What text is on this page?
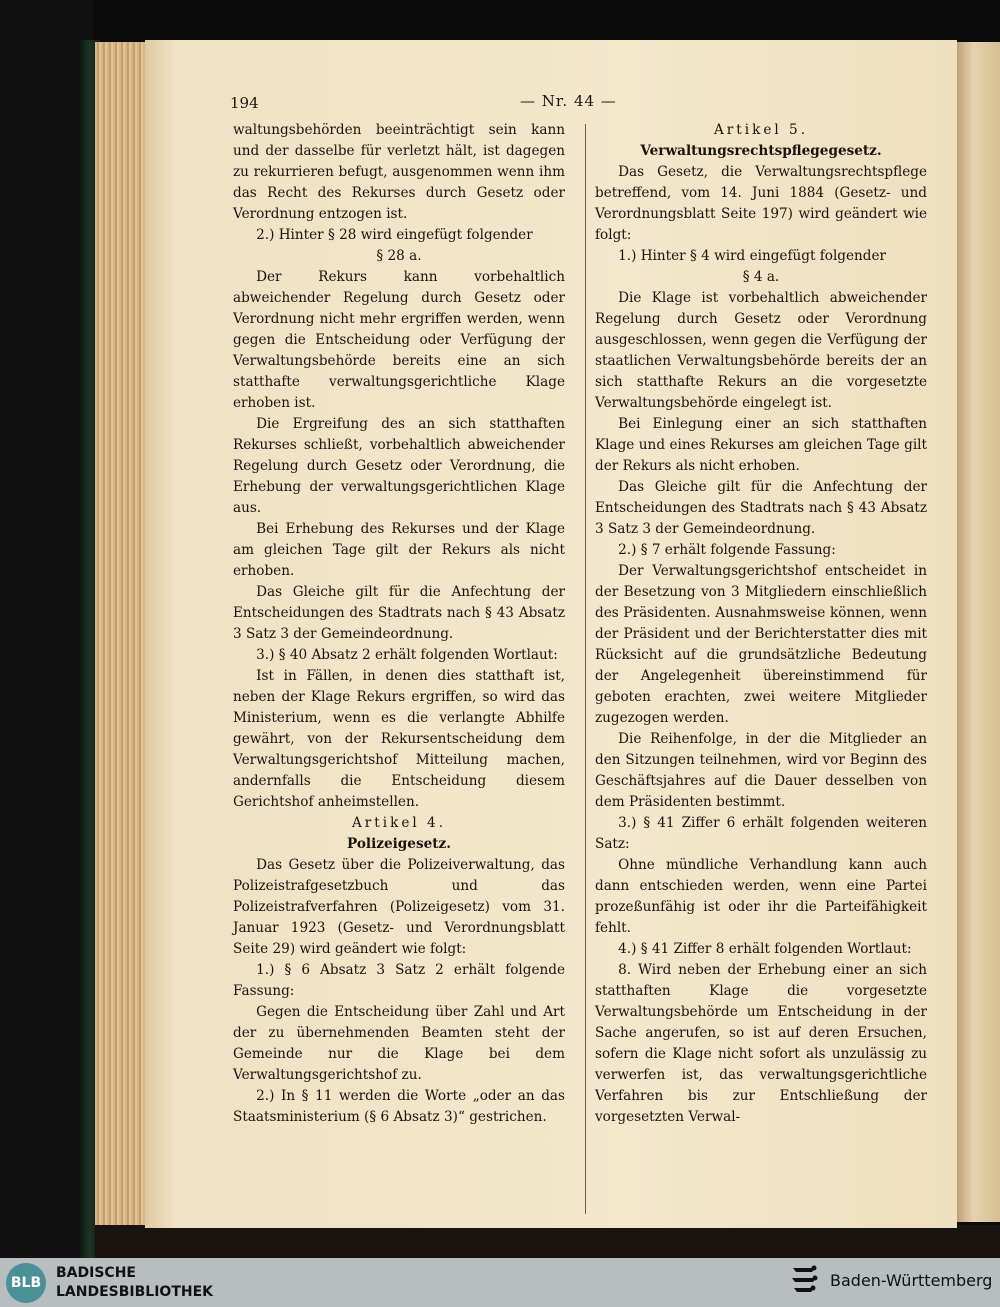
194	— Nr. 44 —

waltungsbehörden beeinträchtigt sein kann und der dasselbe für verletzt hält, ist dagegen zu rekurrieren befugt, ausgenommen wenn ihm das Recht des Rekurses durch Gesetz oder Verordnung entzogen ist.

2.) Hinter § 28 wird eingefügt folgender

§ 28 a.

Der Rekurs kann vorbehaltlich abweichender Regelung durch Gesetz oder Verordnung nicht mehr ergriffen werden, wenn gegen die Entscheidung oder Verfügung der Verwaltungsbehörde bereits eine an sich statthafte verwaltungsgerichtliche Klage erhoben ist.

Die Ergreifung des an sich statthaften Rekurses schließt, vorbehaltlich abweichender Regelung durch Gesetz oder Verordnung, die Erhebung der verwaltungsgerichtlichen Klage aus.

Bei Erhebung des Rekurses und der Klage am gleichen Tage gilt der Rekurs als nicht erhoben.

Das Gleiche gilt für die Anfechtung der Entscheidungen des Stadtrats nach § 43 Absatz 3 Satz 3 der Gemeindeordnung.

3.) § 40 Absatz 2 erhält folgenden Wortlaut:

Ist in Fällen, in denen dies statthaft ist, neben der Klage Rekurs ergriffen, so wird das Ministerium, wenn es die verlangte Abhilfe gewährt, von der Rekursentscheidung dem Verwaltungsgerichtshof Mitteilung machen, andernfalls die Entscheidung diesem Gerichtshof anheimstellen.

Artikel 4.

Polizeigesetz.

Das Gesetz über die Polizeiverwaltung, das Polizeistrafgesetzbuch und das Polizeistrafverfahren (Polizeigesetz) vom 31. Januar 1923 (Gesetz- und Verordnungsblatt Seite 29) wird geändert wie folgt:

1.) § 6 Absatz 3 Satz 2 erhält folgende Fassung:

Gegen die Entscheidung über Zahl und Art der zu übernehmenden Beamten steht der Gemeinde nur die Klage bei dem Verwaltungsgerichtshof zu.

2.) In § 11 werden die Worte „oder an das Staatsministerium (§ 6 Absatz 3)“ gestrichen.

Artikel 5.

Verwaltungsrechtspflegegesetz.

Das Gesetz, die Verwaltungsrechtspflege betreffend, vom 14. Juni 1884 (Gesetz- und Verordnungsblatt Seite 197) wird geändert wie folgt:

1.) Hinter § 4 wird eingefügt folgender

§ 4 a.

Die Klage ist vorbehaltlich abweichender Regelung durch Gesetz oder Verordnung ausgeschlossen, wenn gegen die Verfügung der staatlichen Verwaltungsbehörde bereits der an sich statthafte Rekurs an die vorgesetzte Verwaltungsbehörde eingelegt ist.

Bei Einlegung einer an sich statthaften Klage und eines Rekurses am gleichen Tage gilt der Rekurs als nicht erhoben.

Das Gleiche gilt für die Anfechtung der Entscheidungen des Stadtrats nach § 43 Absatz 3 Satz 3 der Gemeindeordnung.

2.) § 7 erhält folgende Fassung:

Der Verwaltungsgerichtshof entscheidet in der Besetzung von 3 Mitgliedern einschließlich des Präsidenten. Ausnahmsweise können, wenn der Präsident und der Berichterstatter dies mit Rücksicht auf die grundsätzliche Bedeutung der Angelegenheit übereinstimmend für geboten erachten, zwei weitere Mitglieder zugezogen werden.

Die Reihenfolge, in der die Mitglieder an den Sitzungen teilnehmen, wird vor Beginn des Geschäftsjahres auf die Dauer desselben von dem Präsidenten bestimmt.

3.) § 41 Ziffer 6 erhält folgenden weiteren Satz:

Ohne mündliche Verhandlung kann auch dann entschieden werden, wenn eine Partei prozeßunfähig ist oder ihr die Parteifähigkeit fehlt.

4.) § 41 Ziffer 8 erhält folgenden Wortlaut:

8. Wird neben der Erhebung einer an sich statthaften Klage die vorgesetzte Verwaltungsbehörde um Entscheidung in der Sache angerufen, so ist auf deren Ersuchen, sofern die Klage nicht sofort als unzulässig zu verwerfen ist, das verwaltungsgerichtliche Verfahren bis zur Entschließung der vorgesetzten Verwal-

BLB
BADISCHE
LANDESBIBLIOTHEK
Baden-Württemberg
